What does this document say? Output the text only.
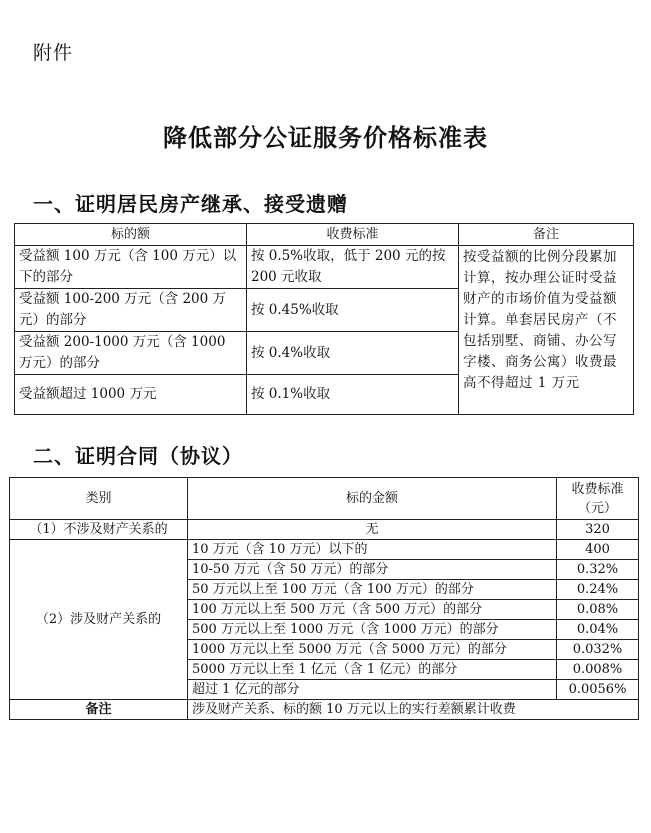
附件
降低部分公证服务价格标准表
一、证明居民房产继承、接受遗赠
标的额	收费标准	备注
受益额 100 万元（含 100 万元）以下的部分	按 0.5%收取，低于 200 元的按 200 元收取	按受益额的比例分段累加计算，按办理公证时受益财产的市场价值为受益额计算。单套居民房产（不包括别墅、商铺、办公写字楼、商务公寓）收费最高不得超过 1 万元
受益额 100-200 万元（含 200 万元）的部分	按 0.45%收取	
受益额 200-1000 万元（含 1000 万元）的部分	按 0.4%收取	
受益额超过 1000 万元	按 0.1%收取	
二、证明合同（协议）
类别	标的金额	收费标准（元）
（1）不涉及财产关系的	无	320
（2）涉及财产关系的	10 万元（含 10 万元）以下的	400
	10-50 万元（含 50 万元）的部分	0.32%
	50 万元以上至 100 万元（含 100 万元）的部分	0.24%
	100 万元以上至 500 万元（含 500 万元）的部分	0.08%
	500 万元以上至 1000 万元（含 1000 万元）的部分	0.04%
	1000 万元以上至 5000 万元（含 5000 万元）的部分	0.032%
	5000 万元以上至 1 亿元（含 1 亿元）的部分	0.008%
	超过 1 亿元的部分	0.0056%
备注	涉及财产关系、标的额 10 万元以上的实行差额累计收费	
